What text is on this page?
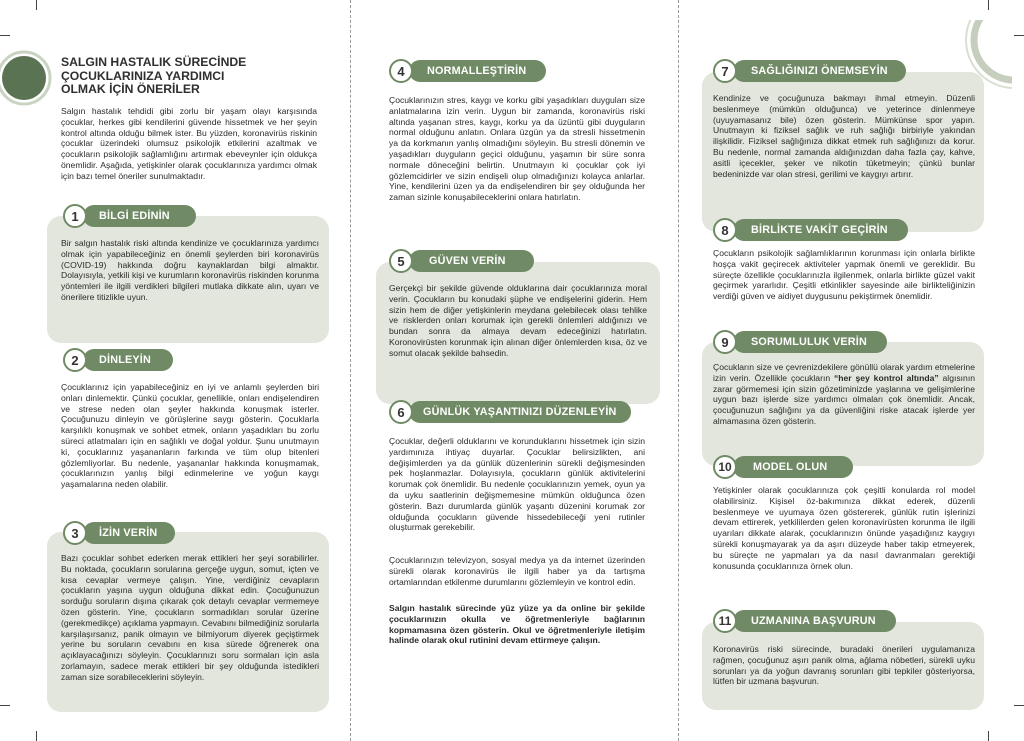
SALGIN HASTALIK SÜRECİNDE
ÇOCUKLARINIZA YARDIMCI
OLMAK İÇİN ÖNERİLER
Salgın hastalık tehdidi gibi zorlu bir yaşam olayı karşısında çocuklar, herkes gibi kendilerini güvende hissetmek ve her şeyin kontrol altında olduğu bilmek ister. Bu yüzden, koronavirüs riskinin çocuklar üzerindeki olumsuz psikolojik etkilerini azaltmak ve çocukların psikolojik sağlamlığını artırmak ebeveynler için oldukça önemlidir. Aşağıda, yetişkinler olarak çocuklarınıza yardımcı olmak için bazı temel öneriler sunulmaktadır.
1	BİLGİ EDİNİN
Bir salgın hastalık riski altında kendinize ve çocuklarınıza yardımcı olmak için yapabileceğiniz en önemli şeylerden biri koronavirüs (COVID-19) hakkında doğru kaynaklardan bilgi almaktır. Dolayısıyla, yetkili kişi ve kurumların koronavirüs riskinden korunma yöntemleri ile ilgili verdikleri bilgileri mutlaka dikkate alın, uyarı ve önerilere titizlikle uyun.
2	DİNLEYİN
Çocuklarınız için yapabileceğiniz en iyi ve anlamlı şeylerden biri onları dinlemektir. Çünkü çocuklar, genellikle, onları endişelendiren ve strese neden olan şeyler hakkında konuşmak isterler. Çocuğunuzu dinleyin ve görüşlerine saygı gösterin. Çocuklarla karşılıklı konuşmak ve sohbet etmek, onların yaşadıkları bu zorlu süreci atlatmaları için en sağlıklı ve doğal yoldur. Şunu unutmayın ki, çocuklarınız yaşananların farkında ve tüm olup bitenleri gözlemliyorlar. Bu nedenle, yaşananlar hakkında konuşmamak, çocuklarınızın yanlış bilgi edinmelerine ve yoğun kaygı yaşamalarına neden olabilir.
3	İZİN VERİN
Bazı çocuklar sohbet ederken merak ettikleri her şeyi sorabilirler. Bu noktada, çocukların sorularına gerçeğe uygun, somut, içten ve kısa cevaplar vermeye çalışın. Yine, verdiğiniz cevapların çocukların yaşına uygun olduğuna dikkat edin. Çocuğunuzun sorduğu soruların dışına çıkarak çok detaylı cevaplar vermemeye özen gösterin. Yine, çocukların sormadıkları sorular üzerine (gerekmedikçe) açıklama yapmayın. Cevabını bilmediğiniz sorularla karşılaşırsanız, panik olmayın ve bilmiyorum diyerek geçiştirmek yerine bu soruların cevabını en kısa sürede öğrenerek ona açıklayacağınızı söyleyin. Çocuklarınızı soru sormaları için asla zorlamayın, sadece merak ettikleri bir şey olduğunda istedikleri zaman size sorabileceklerini söyleyin.
4	NORMALLEŞTİRİN
Çocuklarınızın stres, kaygı ve korku gibi yaşadıkları duyguları size anlatmalarına izin verin. Uygun bir zamanda, koronavirüs riski altında yaşanan stres, kaygı, korku ya da üzüntü gibi duyguların normal olduğunu anlatın. Onlara üzgün ya da stresli hissetmenin ya da korkmanın yanlış olmadığını söyleyin. Bu stresli dönemin ve yaşadıkları duyguların geçici olduğunu, yaşamın bir süre sonra normale döneceğini belirtin. Unutmayın ki çocuklar çok iyi gözlemcidirler ve sizin endişeli olup olmadığınızı kolayca anlarlar. Yine, kendilerini üzen ya da endişelendiren bir şey olduğunda her zaman sizinle konuşabileceklerini onlara hatırlatın.
5	GÜVEN VERİN
Gerçekçi bir şekilde güvende olduklarına dair çocuklarınıza moral verin. Çocukların bu konudaki şüphe ve endişelerini giderin. Hem sizin hem de diğer yetişkinlerin meydana gelebilecek olası tehlike ve risklerden onları korumak için gerekli önlemleri aldığınızı ve bundan sonra da almaya devam edeceğinizi hatırlatın. Koronovirüsten korunmak için alınan diğer önlemlerden kısa, öz ve somut olacak şekilde bahsedin.
6	GÜNLÜK YAŞANTINIZI DÜZENLEYİN
Çocuklar, değerli olduklarını ve korunduklarını hissetmek için sizin yardımınıza ihtiyaç duyarlar. Çocuklar belirsizlikten, ani değişimlerden ya da günlük düzenlerinin sürekli değişmesinden pek hoşlanmazlar. Dolayısıyla, çocukların günlük aktivitelerini korumak çok önemlidir. Bu nedenle çocuklarınızın yemek, oyun ya da uyku saatlerinin değişmemesine mümkün olduğunca özen gösterin. Bazı durumlarda günlük yaşantı düzenini korumak zor olduğunda çocukların güvende hissedebileceği yeni rutinler oluşturmak gerekebilir.
Çocuklarınızın televizyon, sosyal medya ya da internet üzerinden sürekli olarak koronavirüs ile ilgili haber ya da tartışma ortamlarından etkilenme durumlarını gözlemleyin ve kontrol edin.
Salgın hastalık sürecinde yüz yüze ya da online bir şekilde çocuklarınızın okulla ve öğretmenleriyle bağlarının kopmamasına özen gösterin. Okul ve öğretmenleriyle iletişim halinde olarak okul rutinini devam ettirmeye çalışın.
7	SAĞLIĞINIZI ÖNEMSEYİN
Kendinize ve çocuğunuza bakmayı ihmal etmeyin. Düzenli beslenmeye (mümkün olduğunca) ve yeterince dinlenmeye (uyuyamasanız bile) özen gösterin. Mümkünse spor yapın. Unutmayın ki fiziksel sağlık ve ruh sağlığı birbiriyle yakından ilişkilidir. Fiziksel sağlığınıza dikkat etmek ruh sağlığınızı da korur. Bu nedenle, normal zamanda aldığınızdan daha fazla çay, kahve, asitli içecekler, şeker ve nikotin tüketmeyin; çünkü bunlar bedeninizde var olan stresi, gerilimi ve kaygıyı artırır.
8	BİRLİKTE VAKİT GEÇİRİN
Çocukların psikolojik sağlamlıklarının korunması için onlarla birlikte hoşça vakit geçirecek aktiviteler yapmak önemli ve gereklidir. Bu süreçte özellikle çocuklarınızla ilgilenmek, onlarla birlikte güzel vakit geçirmek yararlıdır. Çeşitli etkinlikler sayesinde aile birlikteliğinizin verdiği güven ve aidiyet duygusunu pekiştirmek önemlidir.
9	SORUMLULUK VERİN
Çocukların size ve çevrenizdekilere gönüllü olarak yardım etmelerine izin verin. Özellikle çocukların “her şey kontrol altında” algısının zarar görmemesi için sizin gözetiminizde yaşlarına ve gelişimlerine uygun bazı işlerde size yardımcı olmaları çok önemlidir. Ancak, çocuğunuzun sağlığını ya da güvenliğini riske atacak işlerde yer almamasına özen gösterin.
10	MODEL OLUN
Yetişkinler olarak çocuklarınıza çok çeşitli konularda rol model olabilirsiniz. Kişisel öz-bakımınıza dikkat ederek, düzenli beslenmeye ve uyumaya özen göstererek, günlük rutin işlerinizi devam ettirerek, yetkililerden gelen koronavirüsten korunma ile ilgili uyarıları dikkate alarak, çocuklarınızın önünde yaşadığınız kaygıyı sürekli konuşmayarak ya da aşırı düzeyde haber takip etmeyerek, bu süreçte ne yapmaları ya da nasıl davranmaları gerektiği konusunda çocuklarınıza örnek olun.
11	UZMANINA BAŞVURUN
Koronavirüs riski sürecinde, buradaki önerileri uygulamanıza rağmen, çocuğunuz aşırı panik olma, ağlama nöbetleri, sürekli uyku sorunları ya da yoğun davranış sorunları gibi tepkiler gösteriyorsa, lütfen bir uzmana başvurun.
